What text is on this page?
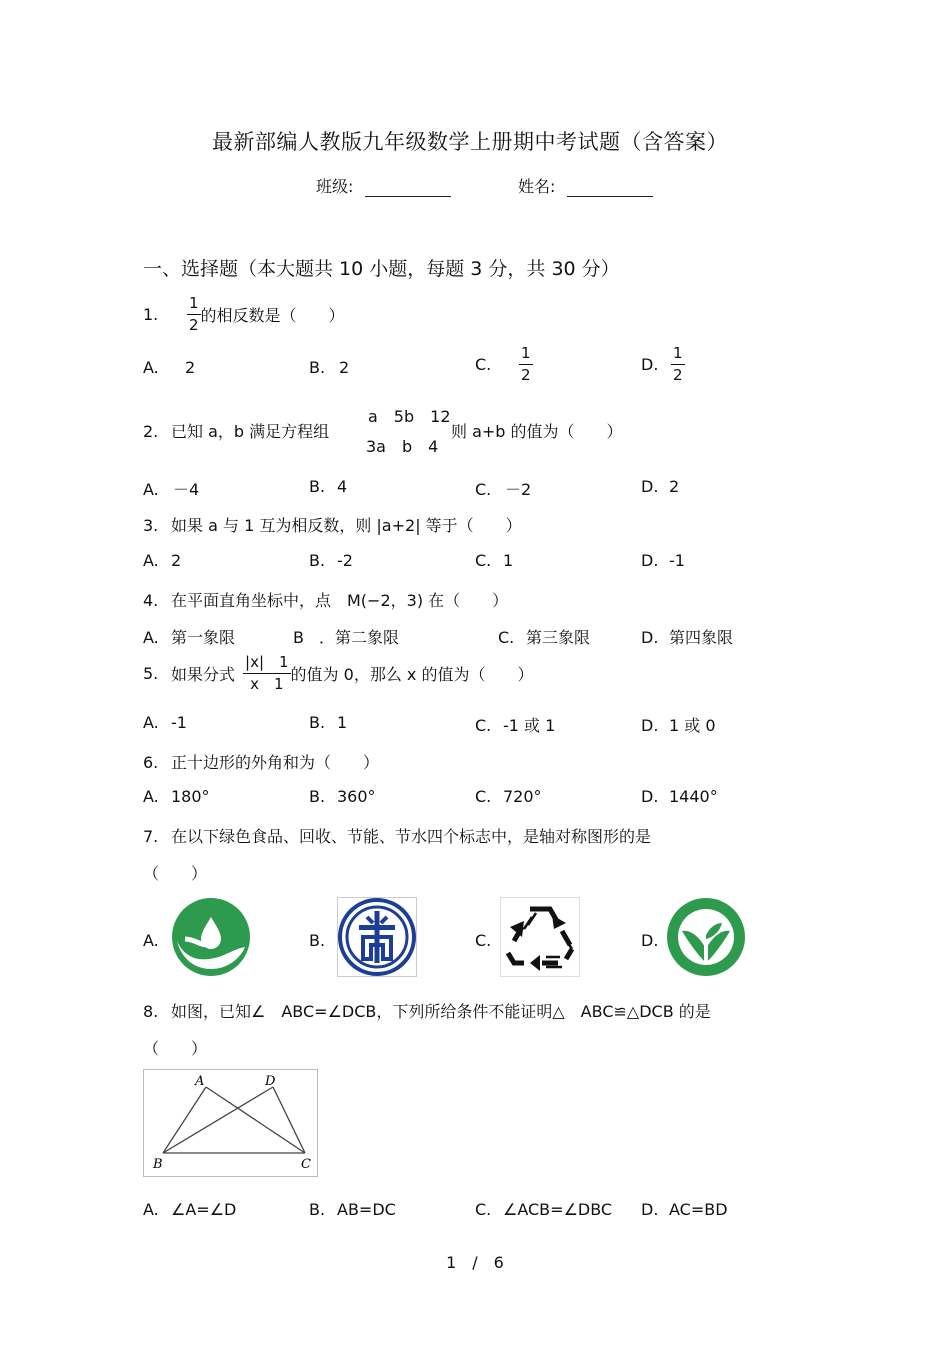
最新部编人教版九年级数学上册期中考试题（含答案）
班级:	姓名:
一、选择题（本大题共 10 小题，每题 3 分，共 30 分）
1. $\frac{1}{2}$ 的相反数是（　　）
A. 2	B. 2	C. $\frac{1}{2}$	D. $\frac{1}{2}$
2. 已知 a，b 满足方程组
a　5b　12
3a　b　4
则 a+b 的值为（　　）
A. －4	B. 4	C. －2	D. 2
3. 如果 a 与 1 互为相反数，则 |a+2| 等于（　　）
A. 2	B. -2	C. 1	D. -1
4. 在平面直角坐标中，点　M(−2，3) 在（　　）
A. 第一象限	B ．第二象限	C. 第三象限	D. 第四象限
5. 如果分式 $\frac{|x| 1}{x 1}$ 的值为 0，那么 x 的值为（　　）
A. -1	B. 1	C. -1 或 1	D. 1 或 0
6. 正十边形的外角和为（　　）
A. 180°	B. 360°	C. 720°	D. 1440°
7. 在以下绿色食品、回收、节能、节水四个标志中，是轴对称图形的是
（　　）
A.	B.	C.	D.
8. 如图，已知∠　ABC=∠DCB，下列所给条件不能证明△　ABC≌△DCB 的是
（　　）
A	D
B	C
A. ∠A=∠D	B. AB=DC	C. ∠ACB=∠DBC D. AC=BD
1　/　6
